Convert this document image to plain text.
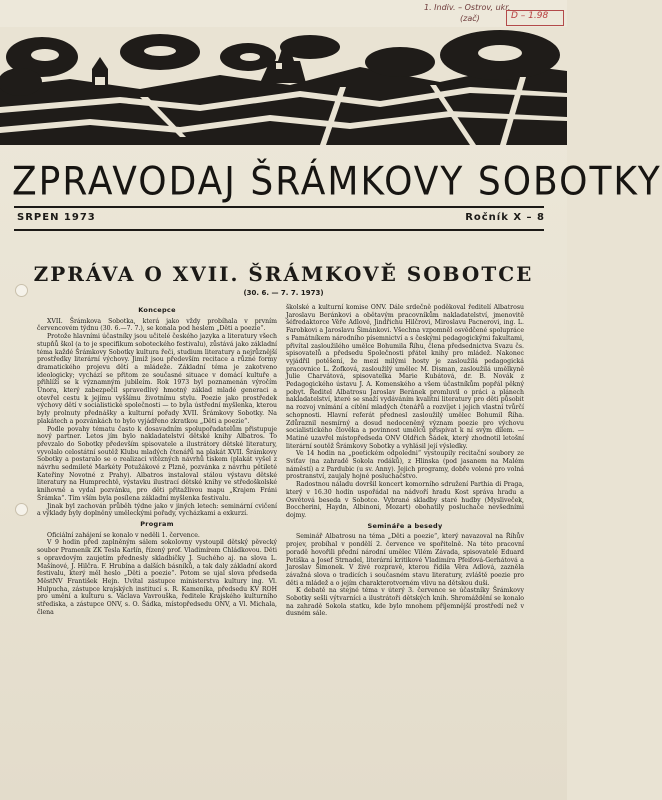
1. Indiv. – Ostrov, ukr.
(zač)	D – 1.98
ZPRAVODAJ ŠRÁMKOVY SOBOTKY
SRPEN 1973	Ročník X – 8
ZPRÁVA O XVII. ŠRÁMKOVĚ SOBOTCE
(30. 6. — 7. 7. 1973)
Koncepce

XVII. Šrámkova Sobotka, která jako vždy probíhala v prvním červencovém týdnu (30. 6.—7. 7.), se konala pod heslem „Děti a poezie“.

Protože hlavními účastníky jsou učitelé českého jazyka a literatury všech stupňů škol (a to je specifikum soboteckého festivalu), zůstává jako základní téma každé Šrámkovy Sobotky kultura řeči, studium literatury a nejrůznější prostředky literární výchovy. Jimiž jsou především recitace a různé formy dramatického projevu dětí a mládeže. Základní téma je zakotveno ideologicky; vychází se přitom ze současné situace v domácí kultuře a přihlíží se k významným jubileím. Rok 1973 byl poznamenán výročím Února, který zabezpečil spravedlivý hmotný základ mladé generaci a otevřel cestu k jejímu vyššímu životnímu stylu. Poezie jako prostředek výchovy dětí v socialistické společnosti — to byla ústřední myšlenka, kterou byly prolnuty přednášky a kulturní pořady XVII. Šrámkovy Sobotky. Na plakátech a pozvánkách to bylo vyjádřeno zkratkou „Děti a poezie“.

Podle povahy tématu často k dosavadním spolupořadatelům přistupuje nový partner. Letos jím bylo nakladatelství dětské knihy Albatros. To převzalo do Sobotky především spisovatele a ilustrátory dětské literatury, vyvolalo celostátní soutěž Klubu mladých čtenářů na plakát XVII. Šrámkovy Sobotky a postaralo se o realizaci vítězných návrhů tiskem (plakát vyšel z návrhu sedmileté Markéty Potužákové z Plzně, pozvánka z návrhu pětileté Kateřiny Novotné z Prahy). Albatros instaloval stálou výstavu dětské literatury na Humprechtě, výstavku ilustrací dětské knihy ve středoškolské knihovně a vydal pozvánku, pro děti přitažlivou mapu „Krajem Fráni Šrámka“. Tím vším byla posílena základní myšlenka festivalu.

Jinak byl zachován průběh týdne jako v jiných letech: seminární cvičení a výklady byly doplněny uměleckými pořady, vycházkami a exkurzí.

Program

Oficiální zahájení se konalo v neděli 1. července.

V 9 hodin před zaplněným sálem sokolovny vystoupil dětský pěvecký soubor Prameník ZK Tesla Karlín, řízený prof. Vladimírem Chládkovou. Děti s opravdovým zaujetím přednesly skladbičky J. Suchého aj. na slova L. Mašínové, J. Hilčra. F. Hrubína a dalších básníků, a tak daly základní akord festivalu, který měl heslo „Děti a poezie“. Potom se ujal slova předseda MěstNV František Hejn. Uvítal zástupce ministerstva kultury ing. Vl. Hulpucha, zástupce krajských institucí s. R. Kamenika, předsedu KV ROH pro umění a kulturu s. Václava Vavrouška, ředitele Krajského kulturního střediska, a zástupce ONV, s. O. Šádka, místopředsedu ONV, a Vl. Michala, člena

školské a kulturní komise ONV. Dále srdečně poděkoval ředitelí Albatrosu Jaroslavu Beránkovi a obětavým pracovníkům nakladatelství, jmenovitě šéfredaktorce Věře Adlové, Jindřichu Hilčrovi, Miroslavu Pacnerovi, ing. L. Farobkovi a Jaroslavu Šimánkovi. Všechna vzpomněl osvědčené spolupráce s Památníkem národního písemnictví a s českými pedagogickými fakultami, přivítal zasloužilého umělce Bohumila Říhu, člena předsednictva Svazu čs. spisovatelů a předsedu Společnosti přátel knihy pro mládež. Nakonec vyjádřil potěšení, že mezi milými hosty je zasloužilá pedagogická pracovnice L. Žofková, zasloužilý umělec M. Disman, zasloužilá umělkyně Julie Charvátová, spisovatelka Marie Kubátová, dr. B. Novák z Pedagogického ústavu J. A. Komenského a všem účastníkům popřál pěkný pobyt. Ředitel Albatrosu Jaroslav Beránek promluvil o práci a plánech nakladatelství, které se snaží vydáváním kvalitní literatury pro děti působit na rozvoj vnímání a cítění mladých čtenářů a rozvíjet i jejich vlastní tvůrčí schopnosti. Hlavní referát přednesl zasloužilý umělec Bohumil Říha. Zdůraznil nesmírný a dosud nedoceněný význam poezie pro výchovu socialistického člověka a povinnost umělců přispívat k ní svým dílem. — Matiné uzavřel místopředseda ONV Oldřich Šádek, který zhodnotil letošní literární soutěž Šrámkovy Sobotky a vyhlásil její výsledky.

Ve 14 hodin na „poetickém odpoledni“ vystoupily recitační soubory ze Sviťav (na zahradě Sokola rodáků), z Hlinska (pod jasanem na Malém náměstí) a z Pardubic (u sv. Anny). Jejich programy, dobře volené pro volná prostranství, zaujaly hojné posluchačstvo.

Radostnou náladu dovršil koncert komorního sdružení Parthia di Praga, který v 16.30 hodin uspořádal na nádvoří hradu Kost správa hradu a Osvětová beseda v Sobotce. Vybrané skladby staré hudby (Mysliveček, Boccherini, Haydn, Albinoni, Mozart) obohatily posluchače nevšedními dojmy.

Semináře a besedy

Seminář Albatrosu na téma „Děti a poezie“, který navazoval na Říhův projev, probíhal v pondělí 2. července ve spořitelně. Na této pracovní poradě hovořili přední národní umělec Vilém Závada, spisovatelé Eduard Petiška a Josef Strnadel, literární kritikové Vladimíra Pfeifová-Gerhátová a Jaroslav Šimonek. V živé rozpravě, kterou řídila Věra Adlová, zazněla závažná slova o tradicích i současném stavu literatury, zvláště poezie pro děti a mládež a o jejím charakterotvorném vlivu na dětskou duši.

K debatě na stejné téma v úterý 3. července se účastníky Šrámkovy Sobotky sešli výtvarníci a ilustrátoři dětských knih. Shromáždění se konalo na zahradě Sokola statku, kde bylo mnohem příjemnější prostředí než v dusném sále.
